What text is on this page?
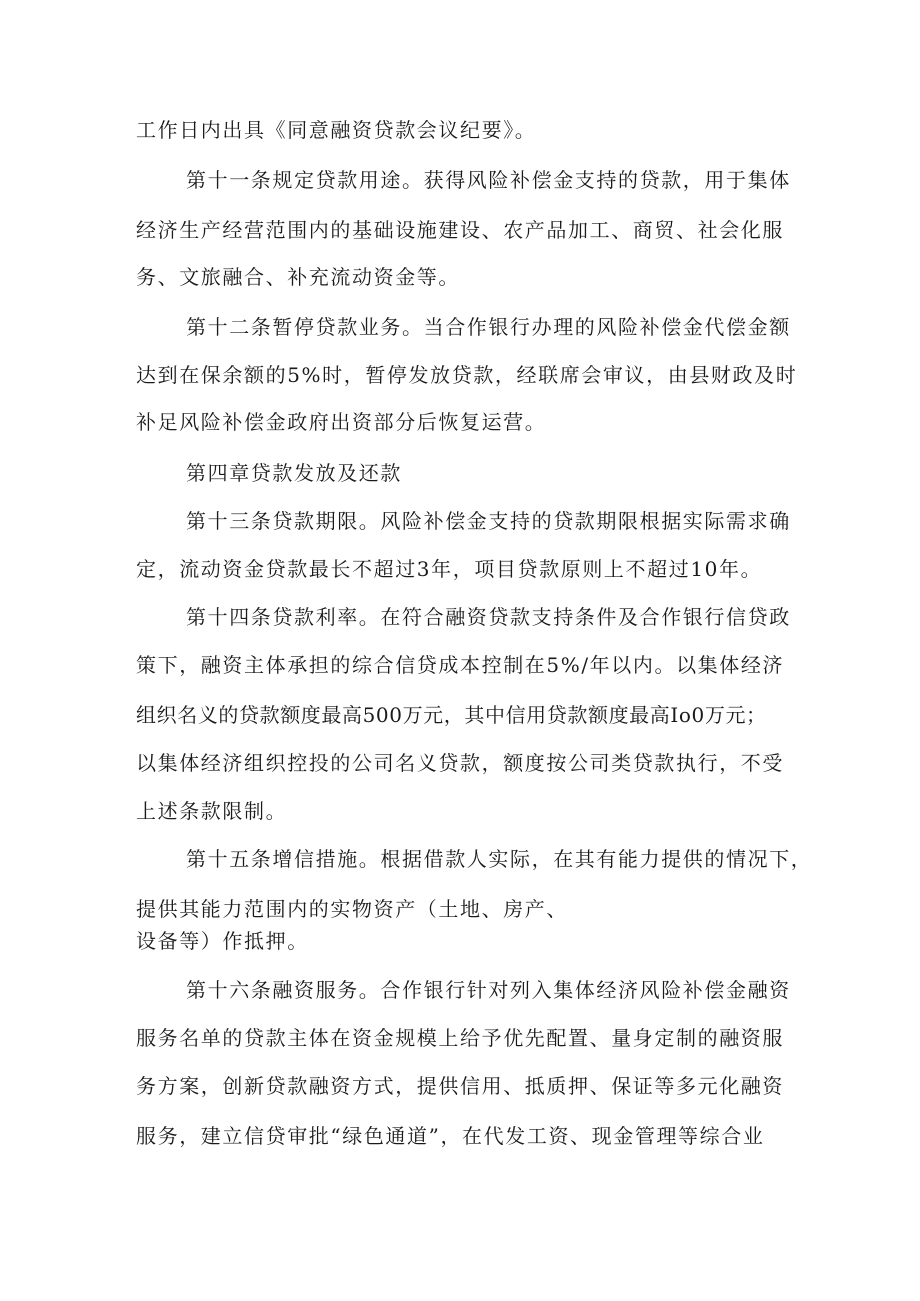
工作日内出具《同意融资贷款会议纪要》。
第十一条规定贷款用途。获得风险补偿金支持的贷款，用于集体
经济生产经营范围内的基础设施建设、农产品加工、商贸、社会化服
务、文旅融合、补充流动资金等。
第十二条暂停贷款业务。当合作银行办理的风险补偿金代偿金额
达到在保余额的5%时，暂停发放贷款，经联席会审议，由县财政及时
补足风险补偿金政府出资部分后恢复运营。
第四章贷款发放及还款
第十三条贷款期限。风险补偿金支持的贷款期限根据实际需求确
定，流动资金贷款最长不超过3年，项目贷款原则上不超过10年。
第十四条贷款利率。在符合融资贷款支持条件及合作银行信贷政
策下，融资主体承担的综合信贷成本控制在5%/年以内。以集体经济
组织名义的贷款额度最高500万元，其中信用贷款额度最高Io0万元；
以集体经济组织控投的公司名义贷款，额度按公司类贷款执行，不受
上述条款限制。
第十五条增信措施。根据借款人实际，在其有能力提供的情况下，
提供其能力范围内的实物资产（土地、房产、
设备等）作抵押。
第十六条融资服务。合作银行针对列入集体经济风险补偿金融资
服务名单的贷款主体在资金规模上给予优先配置、量身定制的融资服
务方案，创新贷款融资方式，提供信用、抵质押、保证等多元化融资
服务，建立信贷审批“绿色通道”，在代发工资、现金管理等综合业
